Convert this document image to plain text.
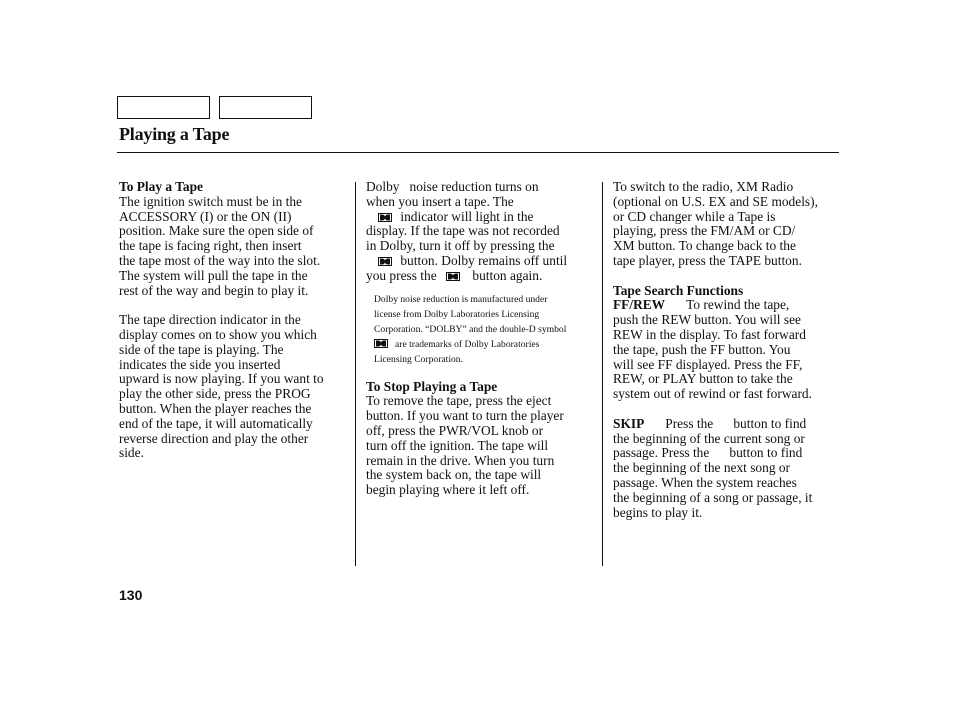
Playing a Tape

To Play a Tape

The ignition switch must be in the

ACCESSORY (I) or the ON (II)

position. Make sure the open side of

the tape is facing right, then insert

the tape most of the way into the slot.

The system will pull the tape in the

rest of the way and begin to play it.

The tape direction indicator in the

display comes on to show you which

side of the tape is playing. The

indicates the side you inserted

upward is now playing. If you want to

play the other side, press the PROG

button. When the player reaches the

end of the tape, it will automatically

reverse direction and play the other

side.

Dolby   noise reduction turns on

when you insert a tape. The

indicator will light in the

display. If the tape was not recorded

in Dolby, turn it off by pressing the

button. Dolby remains off until

you press the	button again.

Dolby noise reduction is manufactured under

license from Dolby Laboratories Licensing

Corporation. “DOLBY” and the double-D symbol

are trademarks of Dolby Laboratories

Licensing Corporation.

To Stop Playing a Tape

To remove the tape, press the eject

button. If you want to turn the player

off, press the PWR/VOL knob or

turn off the ignition. The tape will

remain in the drive. When you turn

the system back on, the tape will

begin playing where it left off.

To switch to the radio, XM Radio

(optional on U.S. EX and SE models),

or CD changer while a Tape is

playing, press the FM/AM or CD/

XM button. To change back to the

tape player, press the TAPE button.

Tape Search Functions

FF/REW To rewind the tape,

push the REW button. You will see

REW in the display. To fast forward

the tape, push the FF button. You

will see FF displayed. Press the FF,

REW, or PLAY button to take the

system out of rewind or fast forward.

SKIP Press the      button to find

the beginning of the current song or

passage. Press the      button to find

the beginning of the next song or

passage. When the system reaches

the beginning of a song or passage, it

begins to play it.

130
